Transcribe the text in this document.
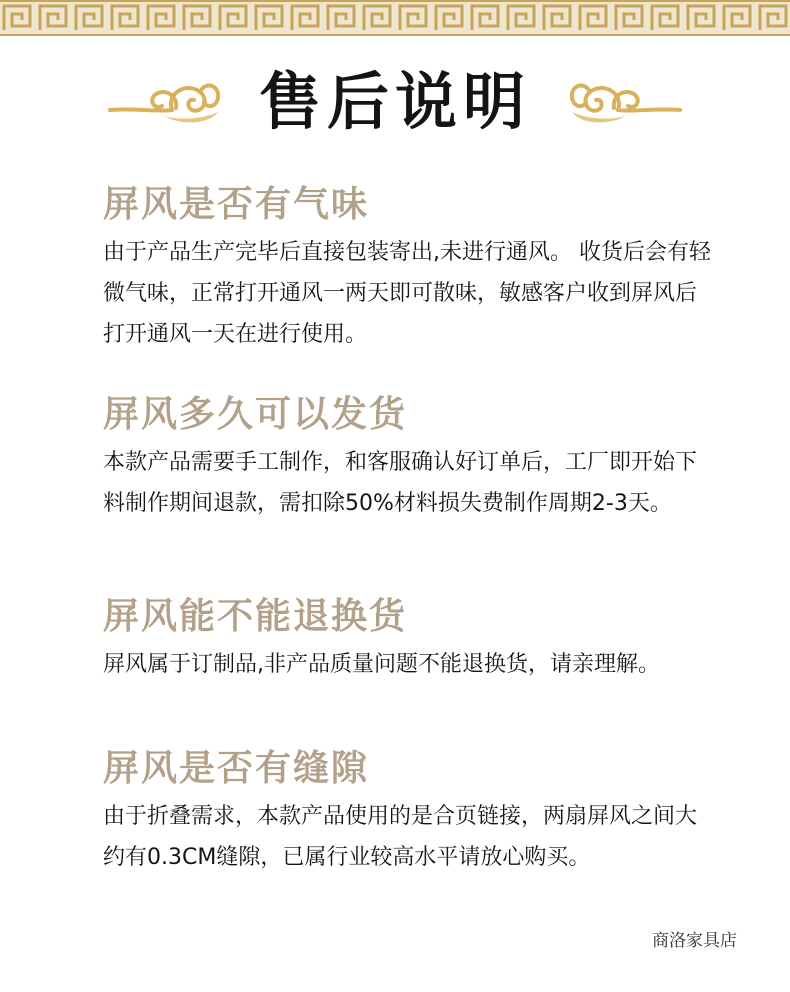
售后说明
屏风是否有气味
由于产品生产完毕后直接包装寄出,未进行通风。 收货后会有轻微气味，正常打开通风一两天即可散味，敏感客户收到屏风后打开通风一天在进行使用。
屏风多久可以发货
本款产品需要手工制作，和客服确认好订单后，工厂即开始下料制作期间退款，需扣除50%材料损失费制作周期2-3天。
屏风能不能退换货
屏风属于订制品,非产品质量问题不能退换货，请亲理解。
屏风是否有缝隙
由于折叠需求，本款产品使用的是合页链接，两扇屏风之间大约有0.3CM缝隙，已属行业较高水平请放心购买。
商洛家具店
